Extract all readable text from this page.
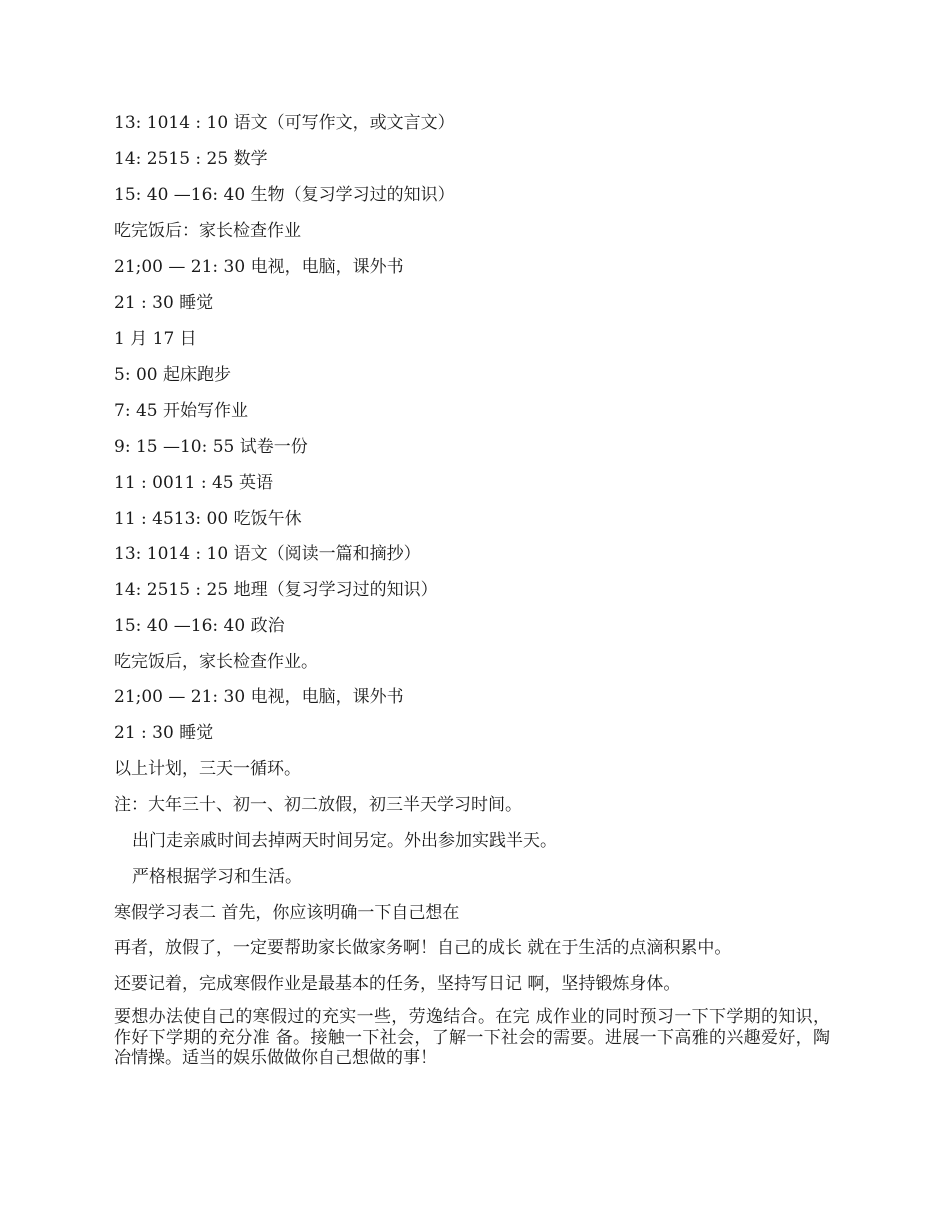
13: 1014 : 10 语文（可写作文，或文言文）
14: 2515 : 25 数学
15: 40 —16: 40 生物（复习学习过的知识）
吃完饭后：家长检查作业
21;00 — 21: 30 电视，电脑，课外书
21 : 30 睡觉
1 月 17 日
5: 00 起床跑步
7: 45 开始写作业
9: 15 —10: 55 试卷一份
11 : 0011 : 45 英语
11 : 4513: 00 吃饭午休
13: 1014 : 10 语文（阅读一篇和摘抄）
14: 2515 : 25 地理（复习学习过的知识）
15: 40 —16: 40 政治
吃完饭后，家长检查作业。
21;00 — 21: 30 电视，电脑，课外书
21 : 30 睡觉
以上计划，三天一循环。
注：大年三十、初一、初二放假，初三半天学习时间。
出门走亲戚时间去掉两天时间另定。外出参加实践半天。
严格根据学习和生活。
寒假学习表二 首先，你应该明确一下自己想在
再者，放假了，一定要帮助家长做家务啊！自己的成长 就在于生活的点滴积累中。
还要记着，完成寒假作业是最基本的任务，坚持写日记 啊，坚持锻炼身体。
要想办法使自己的寒假过的充实一些，劳逸结合。在完 成作业的同时预习一下下学期的知识，作好下学期的充分准 备。接触一下社会，了解一下社会的需要。进展一下高雅的兴趣爱好，陶冶情操。适当的娱乐做做你自己想做的事！
